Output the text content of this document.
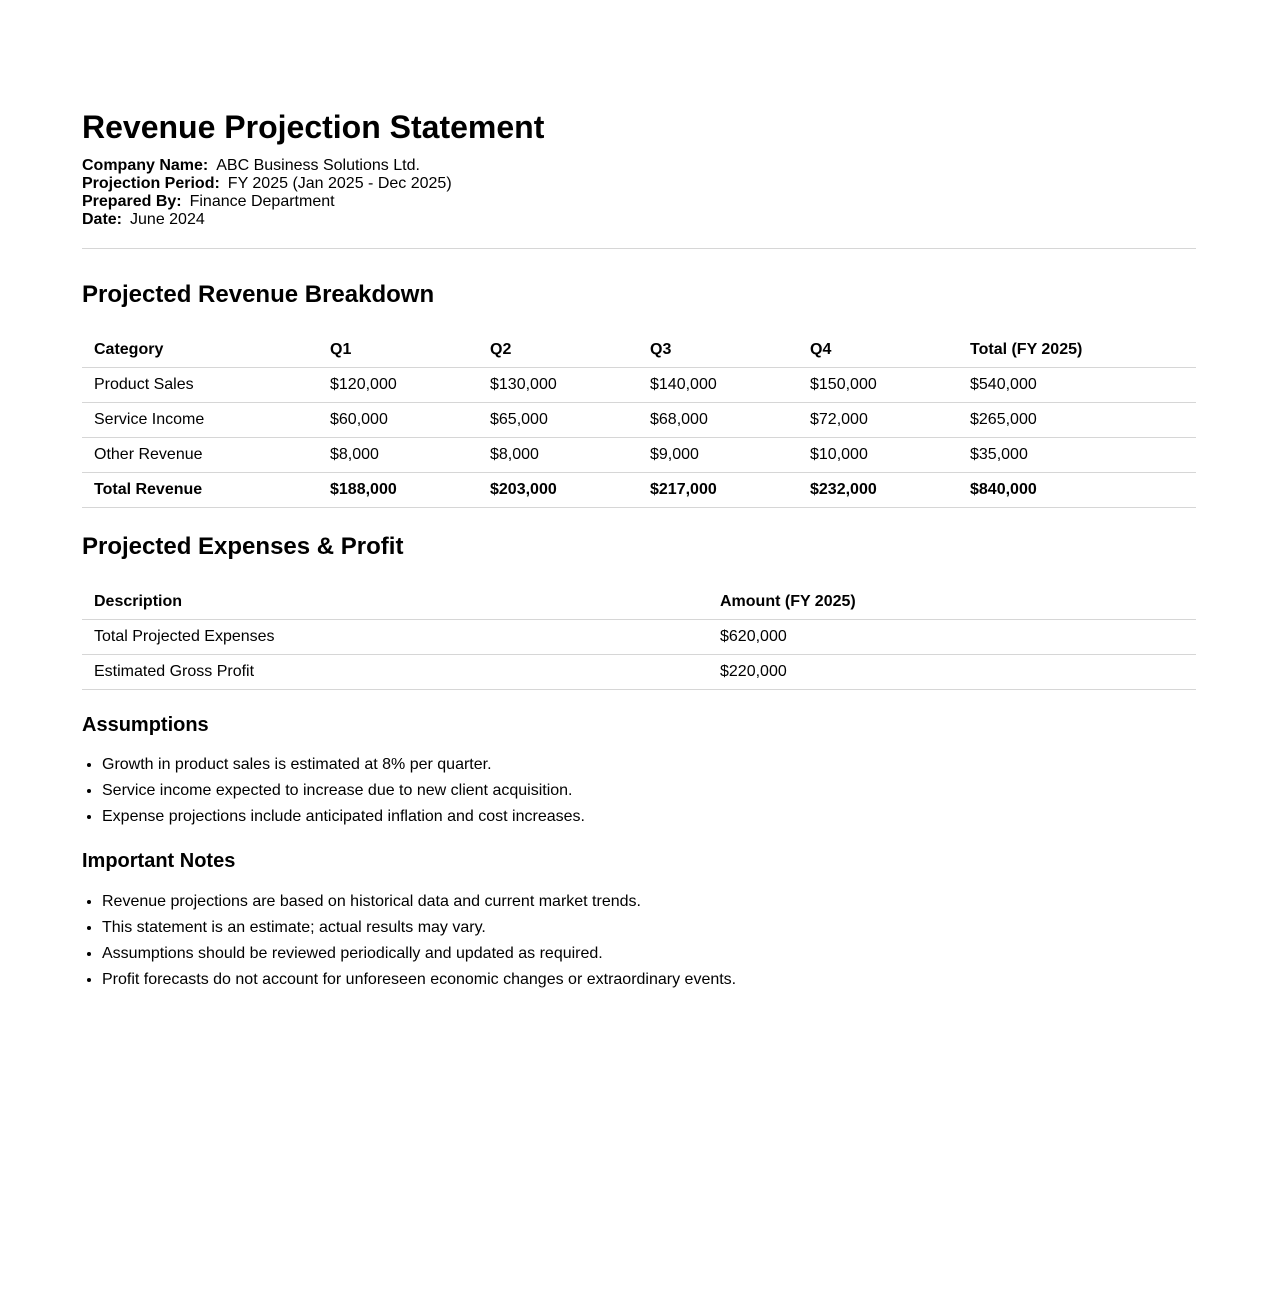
Revenue Projection Statement
Company Name: ABC Business Solutions Ltd.
Projection Period: FY 2025 (Jan 2025 - Dec 2025)
Prepared By: Finance Department
Date: June 2024
Projected Revenue Breakdown
Category	Q1	Q2	Q3	Q4	Total (FY 2025)
Product Sales	$120,000	$130,000	$140,000	$150,000	$540,000
Service Income	$60,000	$65,000	$68,000	$72,000	$265,000
Other Revenue	$8,000	$8,000	$9,000	$10,000	$35,000
Total Revenue	$188,000	$203,000	$217,000	$232,000	$840,000
Projected Expenses & Profit
Description	Amount (FY 2025)
Total Projected Expenses	$620,000
Estimated Gross Profit	$220,000
Assumptions
• Growth in product sales is estimated at 8% per quarter.
• Service income expected to increase due to new client acquisition.
• Expense projections include anticipated inflation and cost increases.
Important Notes
• Revenue projections are based on historical data and current market trends.
• This statement is an estimate; actual results may vary.
• Assumptions should be reviewed periodically and updated as required.
• Profit forecasts do not account for unforeseen economic changes or extraordinary events.
